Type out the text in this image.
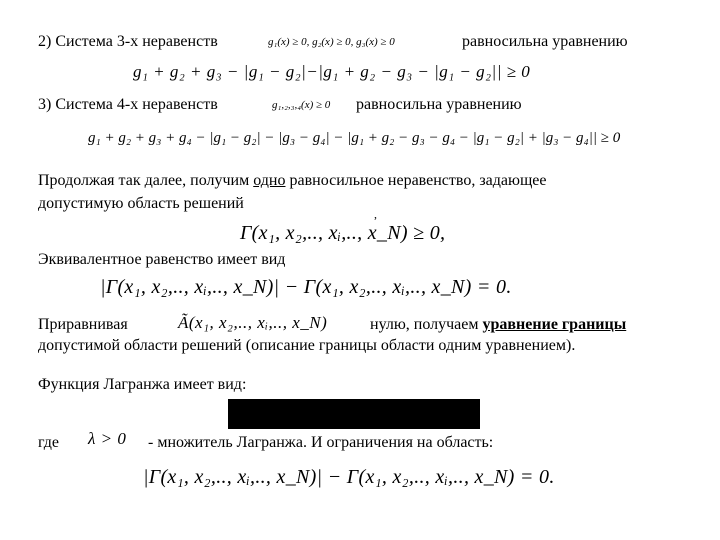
2) Система 3-х неравенств	g₁(x) ≥ 0, g₂(x) ≥ 0, g₃(x) ≥ 0	равносильна уравнению
g₁ + g₂ + g₃ − |g₁ − g₂|−|g₁ + g₂ − g₃ − |g₁ − g₂|| ≥ 0
3) Система 4-х неравенств	g₁,₂,₃,₄(x) ≥ 0 равносильна уравнению
g₁ + g₂ + g₃ + g₄ − |g₁ − g₂| − |g₃ − g₄| − |g₁ + g₂ − g₃ − g₄ − |g₁ − g₂| + |g₃ − g₄|| ≥ 0
Продолжая так далее, получим одно равносильное неравенство, задающее
допустимую область решений
,
Г(x₁, x₂,.., xᵢ,.., x_N) ≥ 0,
Эквивалентное равенство имеет вид
|Г(x₁, x₂,.., xᵢ,.., x_N)| − Г(x₁, x₂,.., xᵢ,.., x_N) = 0.
Приравнивая	Ã(x₁, x₂,.., xᵢ,.., x_N)	нулю, получаем уравнение границы
допустимой области решений (описание границы области одним уравнением).
Функция Лагранжа имеет вид:
где λ > 0 - множитель Лагранжа. И ограничения на область:
|Г(x₁, x₂,.., xᵢ,.., x_N)| − Г(x₁, x₂,.., xᵢ,.., x_N) = 0.
